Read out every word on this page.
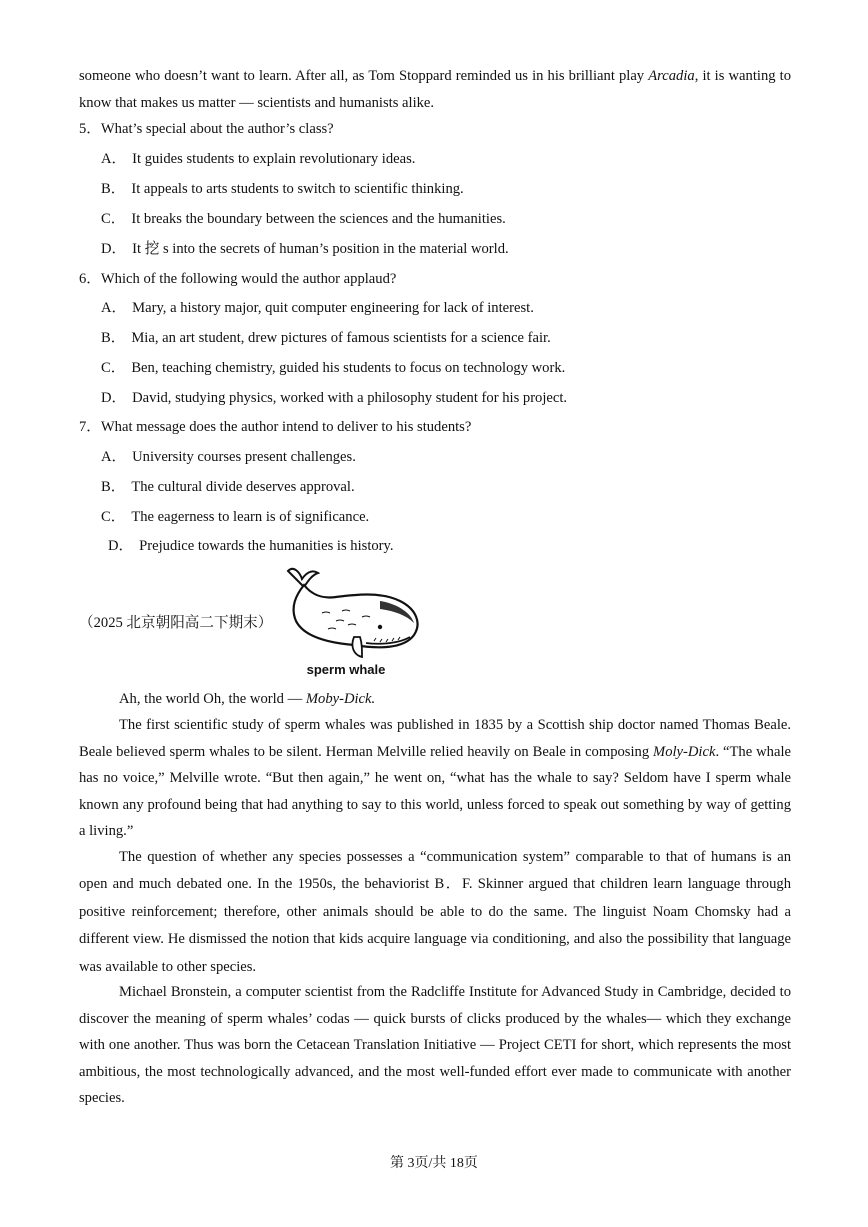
someone who doesn’t want to learn. After all, as Tom Stoppard reminded us in his brilliant play Arcadia, it is wanting to know that makes us matter — scientists and humanists alike.

5．What’s special about the author’s class?

A． It guides students to explain revolutionary ideas.

B． It appeals to arts students to switch to scientific thinking.

C． It breaks the boundary between the sciences and the humanities.

D． It 挖 s into the secrets of human’s position in the material world.

6．Which of the following would the author applaud?

A． Mary, a history major, quit computer engineering for lack of interest.

B． Mia, an art student, drew pictures of famous scientists for a science fair.

C． Ben, teaching chemistry, guided his students to focus on technology work.

D． David, studying physics, worked with a philosophy student for his project.

7．What message does the author intend to deliver to his students?

A． University courses present challenges.

B． The cultural divide deserves approval.

C． The eagerness to learn is of significance.

D． Prejudice towards the humanities is history.

（2025 北京朝阳高二下期末）
sperm whale

Ah, the world Oh, the world — Moby-Dick.

The first scientific study of sperm whales was published in 1835 by a Scottish ship doctor named Thomas Beale. Beale believed sperm whales to be silent. Herman Melville relied heavily on Beale in composing Moly-Dick. “The whale has no voice,” Melville wrote. “But then again,” he went on, “what has the whale to say? Seldom have I sperm whale known any profound being that had anything to say to this world, unless forced to speak out something by way of getting a living.”

The question of whether any species possesses a “communication system” comparable to that of humans is an open and much debated one. In the 1950s, the behaviorist B．F. Skinner argued that children learn language through positive reinforcement; therefore, other animals should be able to do the same. The linguist Noam Chomsky had a different view. He dismissed the notion that kids acquire language via conditioning, and also the possibility that language was available to other species.

Michael Bronstein, a computer scientist from the Radcliffe Institute for Advanced Study in Cambridge, decided to discover the meaning of sperm whales’ codas — quick bursts of clicks produced by the whales— which they exchange with one another. Thus was born the Cetacean Translation Initiative — Project CETI for short, which represents the most ambitious, the most technologically advanced, and the most well-funded effort ever made to communicate with another species.

第 3页/共 18页
